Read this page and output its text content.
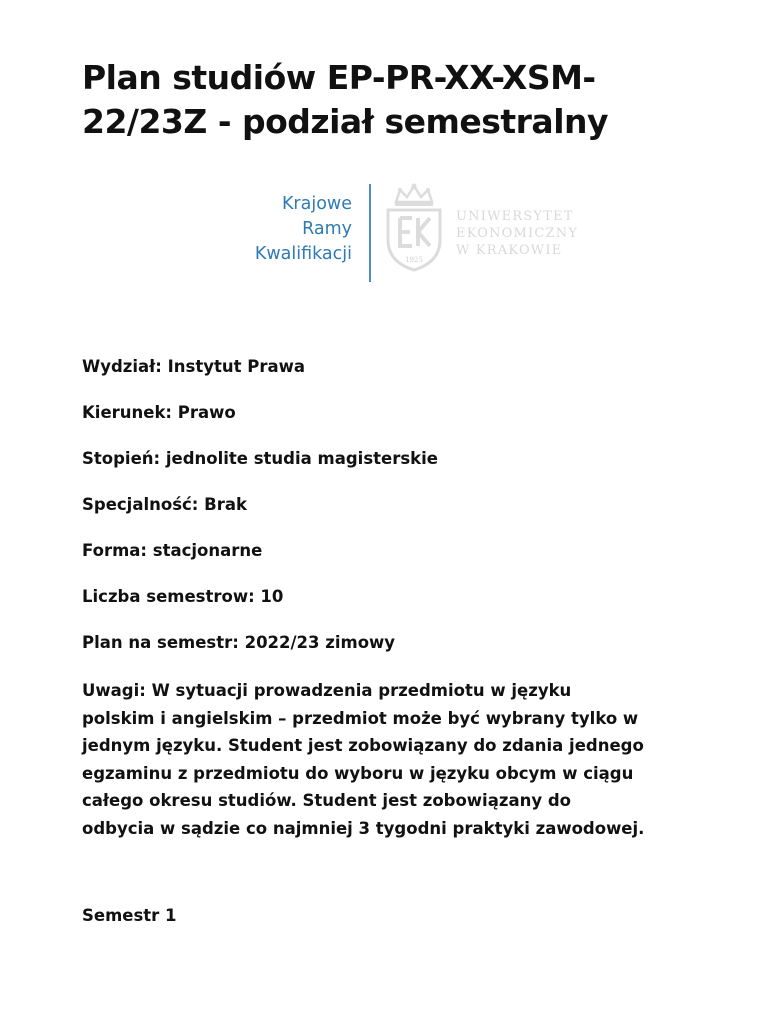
Plan studiów EP-PR-XX-XSM-
22/23Z - podział semestralny
Krajowe
Ramy
Kwalifikacji	1925
UNIWERSYTET
EKONOMICZNY
W KRAKOWIE
Wydział: Instytut Prawa
Kierunek: Prawo
Stopień: jednolite studia magisterskie
Specjalność: Brak
Forma: stacjonarne
Liczba semestrow: 10
Plan na semestr: 2022/23 zimowy
Uwagi: W sytuacji prowadzenia przedmiotu w języku
polskim i angielskim – przedmiot może być wybrany tylko w
jednym języku. Student jest zobowiązany do zdania jednego
egzaminu z przedmiotu do wyboru w języku obcym w ciągu
całego okresu studiów. Student jest zobowiązany do
odbycia w sądzie co najmniej 3 tygodni praktyki zawodowej.
Semestr 1
